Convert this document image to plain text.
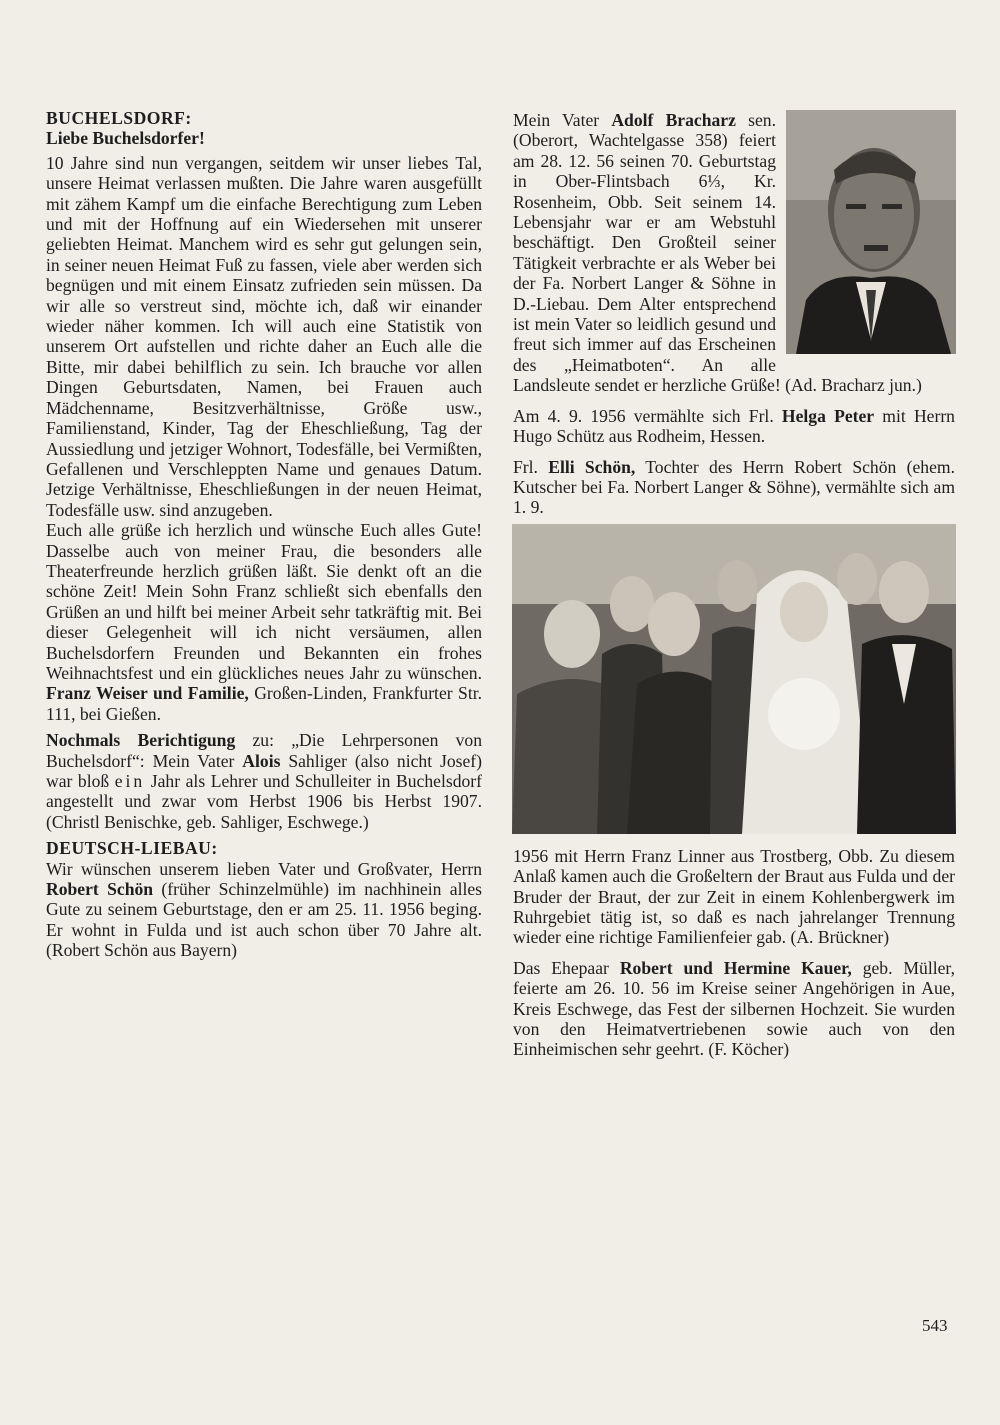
BUCHELSDORF:
Liebe Buchelsdorfer!

10 Jahre sind nun vergangen, seitdem wir unser liebes Tal, unsere Heimat verlassen mußten. Die Jahre waren ausgefüllt mit zähem Kampf um die einfache Berechtigung zum Leben und mit der Hoffnung auf ein Wiedersehen mit unserer geliebten Heimat. Manchem wird es sehr gut gelungen sein, in seiner neuen Heimat Fuß zu fassen, viele aber werden sich begnügen und mit einem Einsatz zufrieden sein müssen. Da wir alle so verstreut sind, möchte ich, daß wir einander wieder näher kommen. Ich will auch eine Statistik von unserem Ort aufstellen und richte daher an Euch alle die Bitte, mir dabei behilflich zu sein. Ich brauche vor allen Dingen Geburtsdaten, Namen, bei Frauen auch Mädchenname, Besitzverhältnisse, Größe usw., Familienstand, Kinder, Tag der Eheschließung, Tag der Aussiedlung und jetziger Wohnort, Todesfälle, bei Vermißten, Gefallenen und Verschleppten Name und genaues Datum. Jetzige Verhältnisse, Eheschließungen in der neuen Heimat, Todesfälle usw. sind anzugeben.

Euch alle grüße ich herzlich und wünsche Euch alles Gute! Dasselbe auch von meiner Frau, die besonders alle Theaterfreunde herzlich grüßen läßt. Sie denkt oft an die schöne Zeit! Mein Sohn Franz schließt sich ebenfalls den Grüßen an und hilft bei meiner Arbeit sehr tatkräftig mit. Bei dieser Gelegenheit will ich nicht versäumen, allen Buchelsdorfern Freunden und Bekannten ein frohes Weihnachtsfest und ein glückliches neues Jahr zu wünschen. Franz Weiser und Familie, Großen-Linden, Frankfurter Str. 111, bei Gießen.

Nochmals Berichtigung zu: „Die Lehrpersonen von Buchelsdorf“: Mein Vater Alois Sahliger (also nicht Josef) war bloß ein Jahr als Lehrer und Schulleiter in Buchelsdorf angestellt und zwar vom Herbst 1906 bis Herbst 1907. (Christl Benischke, geb. Sahliger, Eschwege.)

DEUTSCH-LIEBAU:

Wir wünschen unserem lieben Vater und Großvater, Herrn Robert Schön (früher Schinzelmühle) im nachhinein alles Gute zu seinem Geburtstage, den er am 25. 11. 1956 beging. Er wohnt in Fulda und ist auch schon über 70 Jahre alt. (Robert Schön aus Bayern)

Mein Vater Adolf Bracharz sen. (Oberort, Wachtelgasse 358) feiert am 28. 12. 56 seinen 70. Geburtstag in Ober-Flintsbach 6⅓, Kr. Rosenheim, Obb. Seit seinem 14. Lebensjahr war er am Webstuhl beschäftigt. Den Großteil seiner Tätigkeit verbrachte er als Weber bei der Fa. Norbert Langer & Söhne in D.-Liebau. Dem Alter entsprechend ist mein Vater so leidlich gesund und freut sich immer auf das Erscheinen des „Heimatboten“. An alle Landsleute sendet er herzliche Grüße! (Ad. Bracharz jun.)

Am 4. 9. 1956 vermählte sich Frl. Helga Peter mit Herrn Hugo Schütz aus Rodheim, Hessen.

Frl. Elli Schön, Tochter des Herrn Robert Schön (ehem. Kutscher bei Fa. Norbert Langer & Söhne), vermählte sich am 1. 9.

1956 mit Herrn Franz Linner aus Trostberg, Obb. Zu diesem Anlaß kamen auch die Großeltern der Braut aus Fulda und der Bruder der Braut, der zur Zeit in einem Kohlenbergwerk im Ruhrgebiet tätig ist, so daß es nach jahrelanger Trennung wieder eine richtige Familienfeier gab. (A. Brückner)

Das Ehepaar Robert und Hermine Kauer, geb. Müller, feierte am 26. 10. 56 im Kreise seiner Angehörigen in Aue, Kreis Eschwege, das Fest der silbernen Hochzeit. Sie wurden von den Heimatvertriebenen sowie auch von den Einheimischen sehr geehrt. (F. Köcher)

543
